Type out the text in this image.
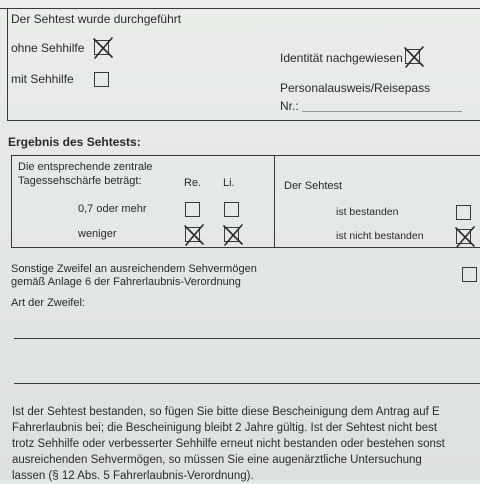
Der Sehtest wurde durchgeführt
ohne Sehhilfe
mit Sehhilfe
Identität nachgewiesen
Personalausweis/Reisepass
Nr.:
Ergebnis des Sehtests:
Die entsprechende zentrale
Tagessehschärfe beträgt:	Re. Li.
0,7 oder mehr
weniger
Der Sehtest
ist bestanden
ist nicht bestanden
Sonstige Zweifel an ausreichendem Sehvermögen
gemäß Anlage 6 der Fahrerlaubnis-Verordnung
Art der Zweifel:
Ist der Sehtest bestanden, so fügen Sie bitte diese Bescheinigung dem Antrag auf E
Fahrerlaubnis bei; die Bescheinigung bleibt 2 Jahre gültig. Ist der Sehtest nicht best
trotz Sehhilfe oder verbesserter Sehhilfe erneut nicht bestanden oder bestehen sonst
ausreichenden Sehvermögen, so müssen Sie eine augenärztliche Untersuchung
lassen (§ 12 Abs. 5 Fahrerlaubnis-Verordnung).
